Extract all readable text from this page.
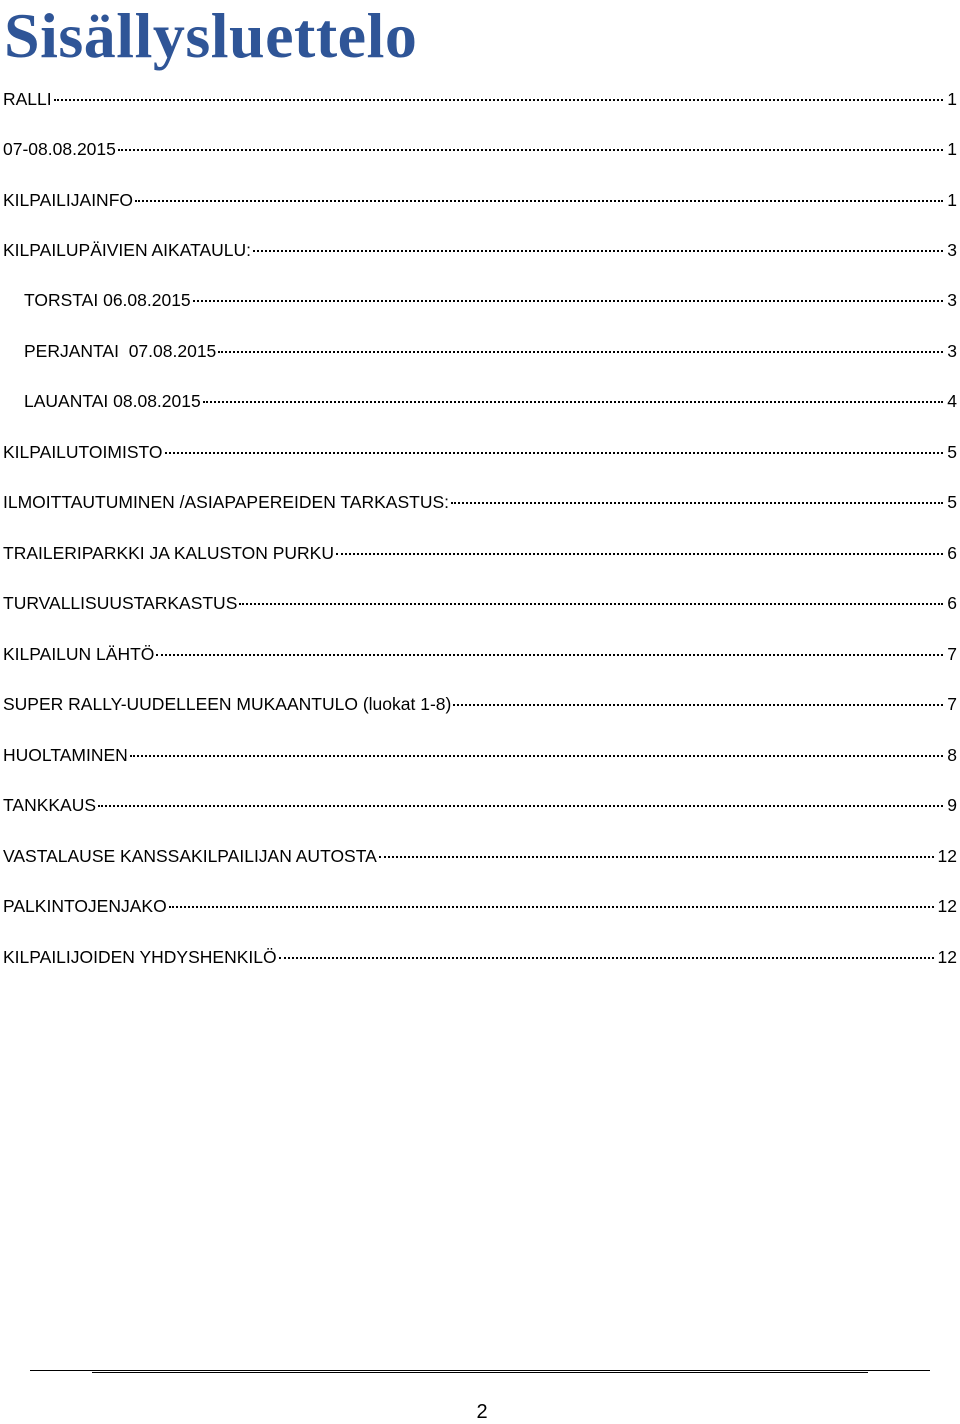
Sisällysluettelo
RALLI	1
07-08.08.2015	1
KILPAILIJAINFO	1
KILPAILUPÄIVIEN AIKATAULU:	3
TORSTAI 06.08.2015	3
PERJANTAI  07.08.2015	3
LAUANTAI 08.08.2015	4
KILPAILUTOIMISTO	5
ILMOITTAUTUMINEN /ASIAPAPEREIDEN TARKASTUS:	5
TRAILERIPARKKI JA KALUSTON PURKU	6
TURVALLISUUSTARKASTUS	6
KILPAILUN LÄHTÖ	7
SUPER RALLY-UUDELLEEN MUKAANTULO (luokat 1-8)	7
HUOLTAMINEN	8
TANKKAUS	9
VASTALAUSE KANSSAKILPAILIJAN AUTOSTA	12
PALKINTOJENJAKO	12
KILPAILIJOIDEN YHDYSHENKILÖ	12
2
